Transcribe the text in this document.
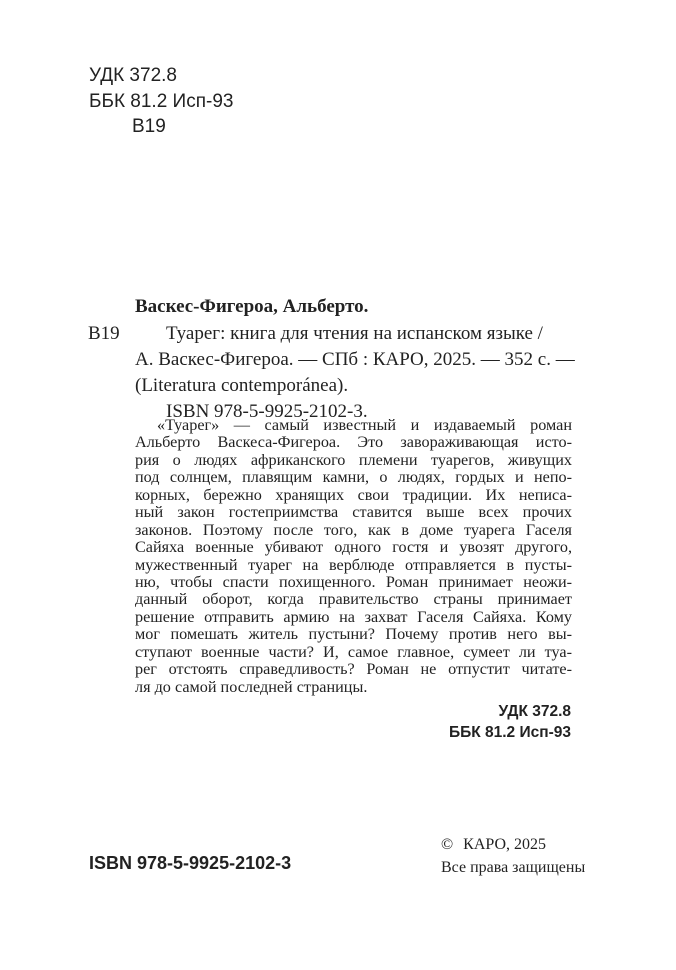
УДК 372.8
ББК 81.2 Исп-93
В19
Васкес-Фигероа, Альберто.
В19 Туарег: книга для чтения на испанском языке /
А. Васкес-Фигероа. — СПб : КАРО, 2025. — 352 с. —
(Literatura contemporánea).
ISBN 978-5-9925-2102-3.
«Туарег» — самый известный и издаваемый роман
Альберто Васкеса-Фигероа. Это завораживающая исто-
рия о людях африканского племени туарегов, живущих
под солнцем, плавящим камни, о людях, гордых и непо-
корных, бережно хранящих свои традиции. Их неписа-
ный закон гостеприимства ставится выше всех прочих
законов. Поэтому после того, как в доме туарега Гаселя
Сайяха военные убивают одного гостя и увозят другого,
мужественный туарег на верблюде отправляется в пусты-
ню, чтобы спасти похищенного. Роман принимает неожи-
данный оборот, когда правительство страны принимает
решение отправить армию на захват Гаселя Сайяха. Кому
мог помешать житель пустыни? Почему против него вы-
ступают военные части? И, самое главное, сумеет ли туа-
рег отстоять справедливость? Роман не отпустит читате-
ля до самой последней страницы.
УДК 372.8
ББК 81.2 Исп-93
ISBN 978-5-9925-2102-3
© КАРО, 2025
Все права защищены
